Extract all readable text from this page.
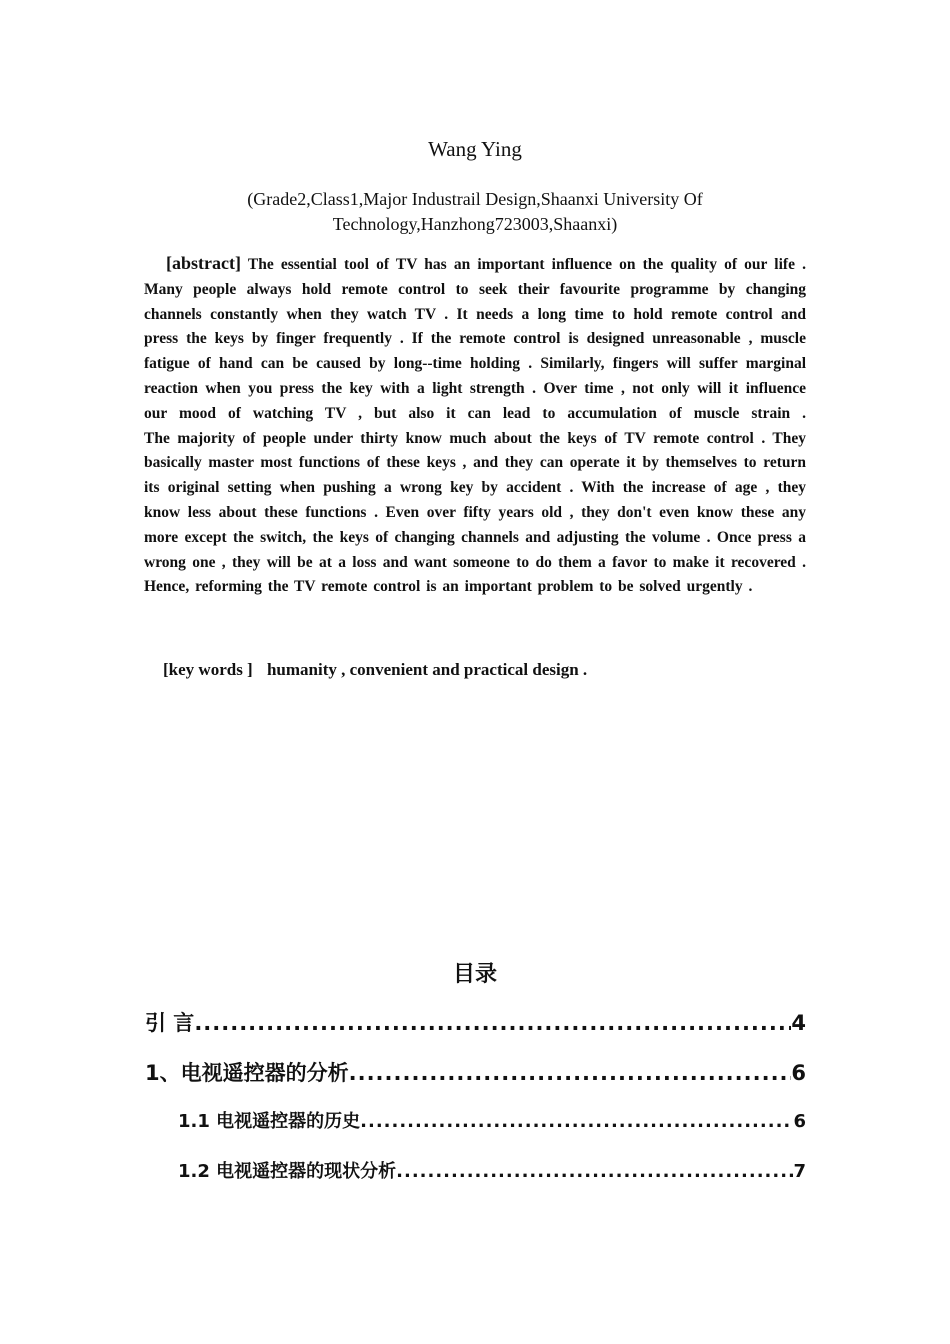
Wang Ying
(Grade2,Class1,Major Industrail Design,Shaanxi University Of
Technology,Hanzhong723003,Shaanxi)
[abstract] The essential tool of TV has an important influence on the quality of our life . Many people always hold remote control to seek their favourite programme by changing channels constantly when they watch TV . It needs a long time to hold remote control and press the keys by finger frequently . If the remote control is designed unreasonable , muscle fatigue of hand can be caused by long--time holding . Similarly, fingers will suffer marginal reaction when you press the key with a light strength . Over time , not only will it influence our mood of watching TV , but also it can lead to accumulation of muscle strain .                    The majority of people under thirty know much about the keys of TV remote control . They basically master most functions of these keys , and they can operate it by themselves to return its original setting when pushing a wrong key by accident . With the increase of age , they know less about these functions . Even over fifty years old , they don't even know these any more except the switch, the keys of changing channels and adjusting the volume . Once press a wrong one , they will be at a loss and want someone to do them a favor to make it recovered . Hence, reforming the TV remote control is an important problem to be solved urgently .
[key words ] humanity , convenient and practical design .
目录
引 言 .....	4
1、电视遥控器的分析 .....	6
1.1 电视遥控器的历史 .....	6
1.2 电视遥控器的现状分析 .....	7
